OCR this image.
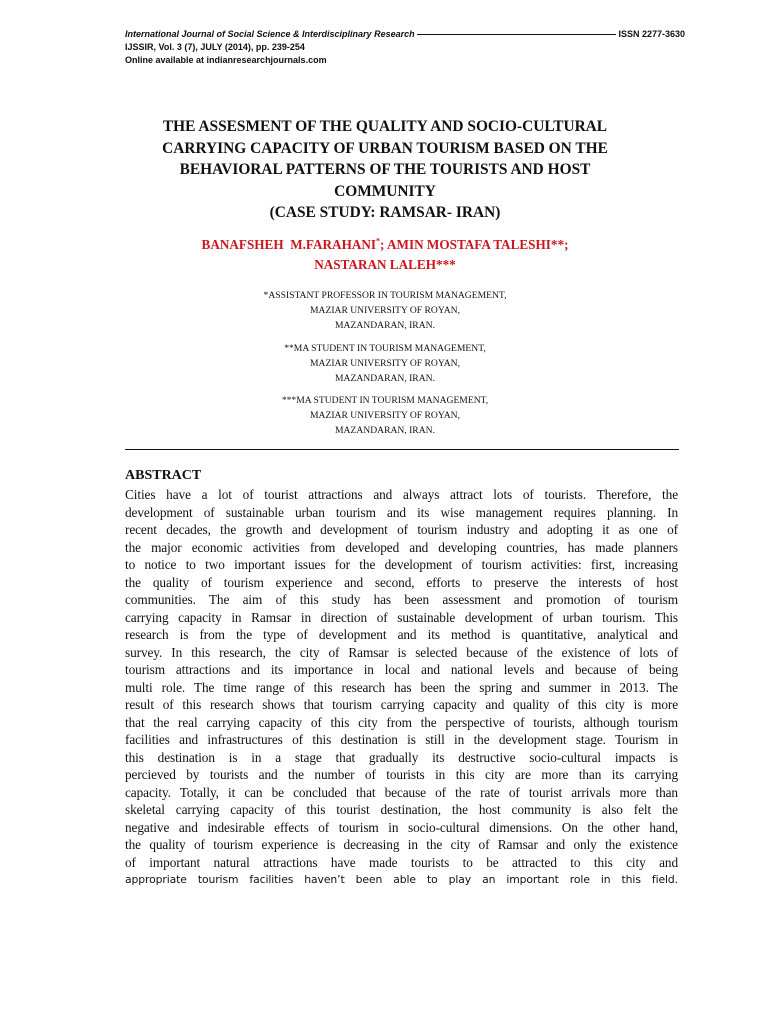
International Journal of Social Science & Interdisciplinary Research	ISSN 2277-3630
IJSSIR, Vol. 3 (7), JULY (2014), pp. 239-254
Online available at indianresearchjournals.com
THE ASSESMENT OF THE QUALITY AND SOCIO-CULTURAL
CARRYING CAPACITY OF URBAN TOURISM BASED ON THE
BEHAVIORAL PATTERNS OF THE TOURISTS AND HOST
COMMUNITY
(CASE STUDY: RAMSAR- IRAN)
BANAFSHEH  M.FARAHANI*; AMIN MOSTAFA TALESHI**;
NASTARAN LALEH***
*ASSISTANT PROFESSOR IN TOURISM MANAGEMENT,
MAZIAR UNIVERSITY OF ROYAN,
MAZANDARAN, IRAN.
**MA STUDENT IN TOURISM MANAGEMENT,
MAZIAR UNIVERSITY OF ROYAN,
MAZANDARAN, IRAN.
***MA STUDENT IN TOURISM MANAGEMENT,
MAZIAR UNIVERSITY OF ROYAN,
MAZANDARAN, IRAN.
ABSTRACT

Cities have a lot of tourist attractions and always attract lots of tourists. Therefore, the
development of sustainable urban tourism and its wise management requires planning. In
recent decades, the growth and development of tourism industry and adopting it as one of
the major economic activities from developed and developing countries, has made planners
to notice to two important issues for the development of tourism activities: first, increasing
the quality of tourism experience and second, efforts to preserve the interests of host
communities. The aim of this study has been assessment and promotion of tourism
carrying capacity in Ramsar in direction of sustainable development of urban tourism. This
research is from the type of development and its method is quantitative, analytical and
survey. In this research, the city of Ramsar is selected because of the existence of lots of
tourism attractions and its importance in local and national levels and because of being
multi role. The time range of this research has been the spring and summer in 2013. The
result of this research shows that tourism carrying capacity and quality of this city is more
that the real carrying capacity of this city from the perspective of tourists, although tourism
facilities and infrastructures of this destination is still in the development stage. Tourism in
this destination is in a stage that gradually its destructive socio-cultural impacts is
percieved by tourists and the number of tourists in this city are more than its carrying
capacity. Totally, it can be concluded that because of the rate of tourist arrivals more than
skeletal carrying capacity of this tourist destination, the host community is also felt the
negative and indesirable effects of tourism in socio-cultural dimensions. On the other hand,
the quality of tourism experience is decreasing in the city of Ramsar and only the existence
of important natural attractions have made tourists to be attracted to this city and
appropriate tourism facilities haven’t been able to play an important role in this field.
